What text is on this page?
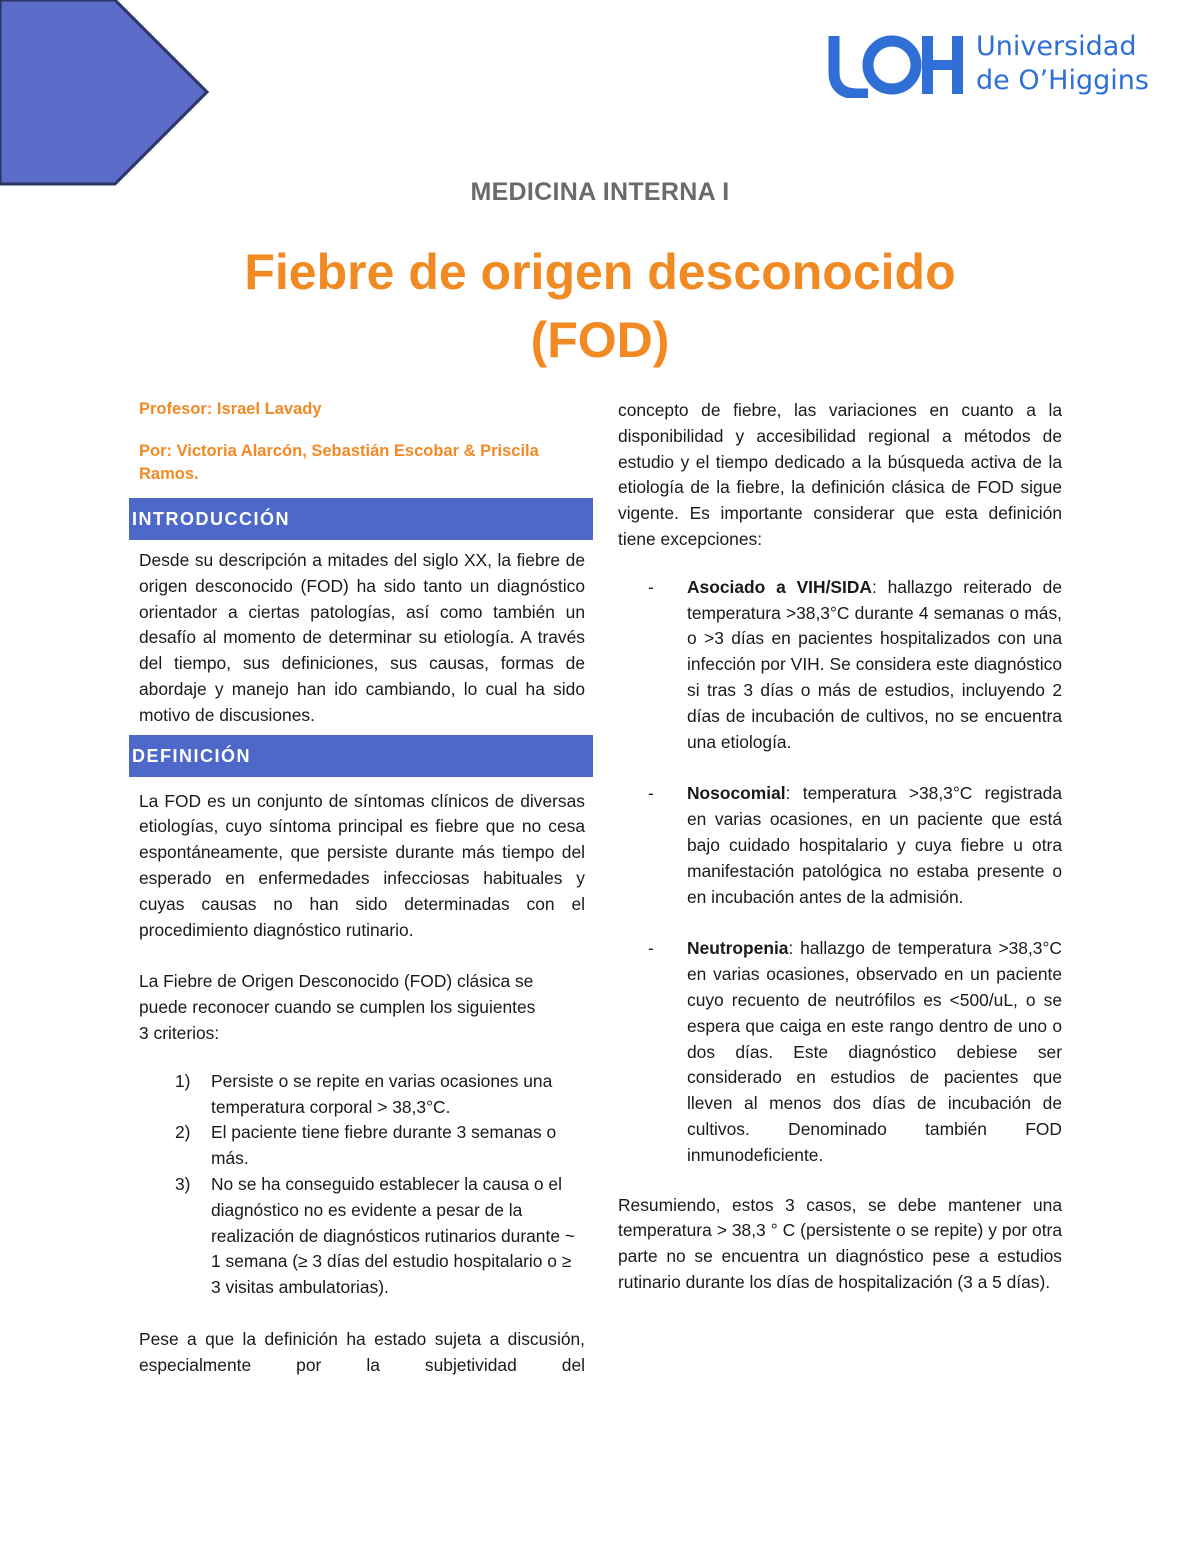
Universidad
de O’Higgins
MEDICINA INTERNA I
Fiebre de origen desconocido
(FOD)

Profesor: Israel Lavady

Por: Victoria Alarcón, Sebastián Escobar & Priscila Ramos.

INTRODUCCIÓN

Desde su descripción a mitades del siglo XX, la fiebre de origen desconocido (FOD) ha sido tanto un diagnóstico orientador a ciertas patologías, así como también un desafío al momento de determinar su etiología. A través del tiempo, sus definiciones, sus causas, formas de abordaje y manejo han ido cambiando, lo cual ha sido motivo de discusiones.

DEFINICIÓN

La FOD es un conjunto de síntomas clínicos de diversas etiologías, cuyo síntoma principal es fiebre que no cesa espontáneamente, que persiste durante más tiempo del esperado en enfermedades infecciosas habituales y cuyas causas no han sido determinadas con el procedimiento diagnóstico rutinario.

La Fiebre de Origen Desconocido (FOD) clásica se puede reconocer cuando se cumplen los siguientes 3 criterios:

1) Persiste o se repite en varias ocasiones una temperatura corporal > 38,3°C.
2) El paciente tiene fiebre durante 3 semanas o más.
3) No se ha conseguido establecer la causa o el diagnóstico no es evidente a pesar de la realización de diagnósticos rutinarios durante ~ 1 semana (≥ 3 días del estudio hospitalario o ≥ 3 visitas ambulatorias).

Pese a que la definición ha estado sujeta a discusión, especialmente por la subjetividad del

concepto de fiebre, las variaciones en cuanto a la disponibilidad y accesibilidad regional a métodos de estudio y el tiempo dedicado a la búsqueda activa de la etiología de la fiebre, la definición clásica de FOD sigue vigente. Es importante considerar que esta definición tiene excepciones:

- Asociado a VIH/SIDA: hallazgo reiterado de temperatura >38,3°C durante 4 semanas o más, o >3 días en pacientes hospitalizados con una infección por VIH. Se considera este diagnóstico si tras 3 días o más de estudios, incluyendo 2 días de incubación de cultivos, no se encuentra una etiología.
- Nosocomial: temperatura >38,3°C registrada en varias ocasiones, en un paciente que está bajo cuidado hospitalario y cuya fiebre u otra manifestación patológica no estaba presente o en incubación antes de la admisión.
- Neutropenia: hallazgo de temperatura >38,3°C en varias ocasiones, observado en un paciente cuyo recuento de neutrófilos es <500/uL, o se espera que caiga en este rango dentro de uno o dos días. Este diagnóstico debiese ser considerado en estudios de pacientes que lleven al menos dos días de incubación de cultivos. Denominado también FOD inmunodeficiente.

Resumiendo, estos 3 casos, se debe mantener una temperatura > 38,3 ° C (persistente o se repite) y por otra parte no se encuentra un diagnóstico pese a estudios rutinario durante los días de hospitalización (3 a 5 días).
